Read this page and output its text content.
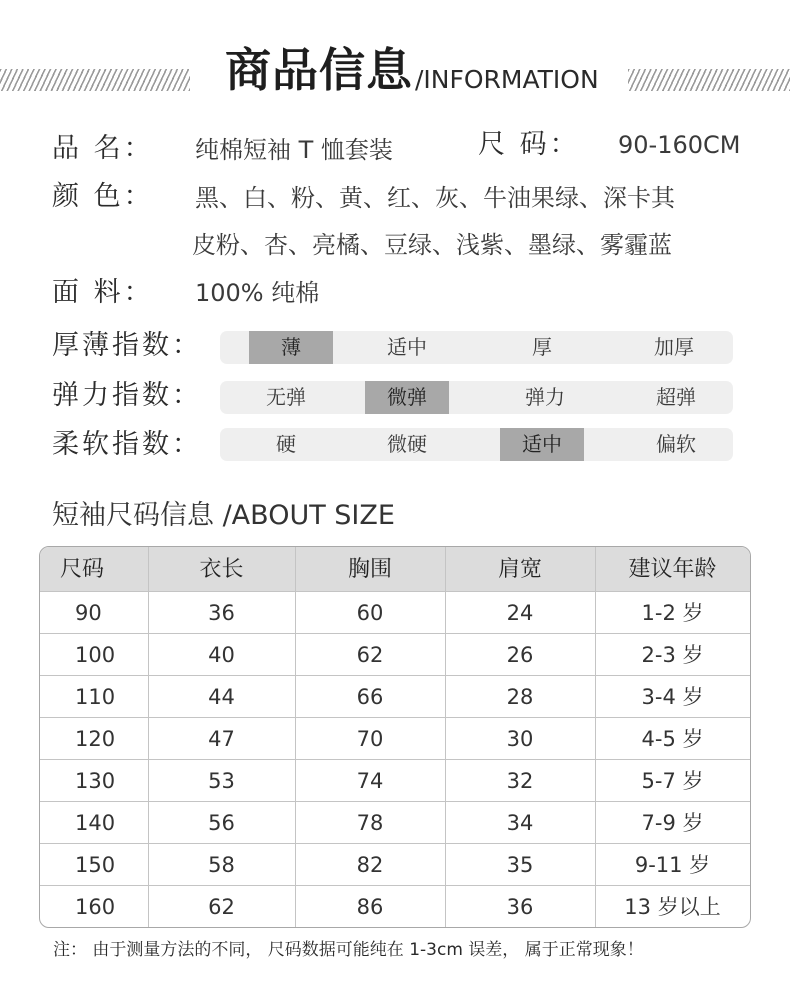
商品信息 /INFORMATION
品 名： 纯棉短袖 T 恤套装	尺 码： 90-160CM
颜 色： 黑、白、粉、黄、红、灰、牛油果绿、深卡其
皮粉、杏、亮橘、豆绿、浅紫、墨绿、雾霾蓝
面 料： 100% 纯棉
厚薄指数：	薄	适中	厚	加厚
弹力指数：	无弹	微弹	弹力	超弹
柔软指数：	硬	微硬	适中	偏软
短袖尺码信息 /ABOUT SIZE
尺码	衣长	胸围	肩宽	建议年龄
90	36	60	24	1-2 岁
100	40	62	26	2-3 岁
110	44	66	28	3-4 岁
120	47	70	30	4-5 岁
130	53	74	32	5-7 岁
140	56	78	34	7-9 岁
150	58	82	35	9-11 岁
160	62	86	36	13 岁以上
注： 由于测量方法的不同， 尺码数据可能纯在 1-3cm 误差， 属于正常现象！
